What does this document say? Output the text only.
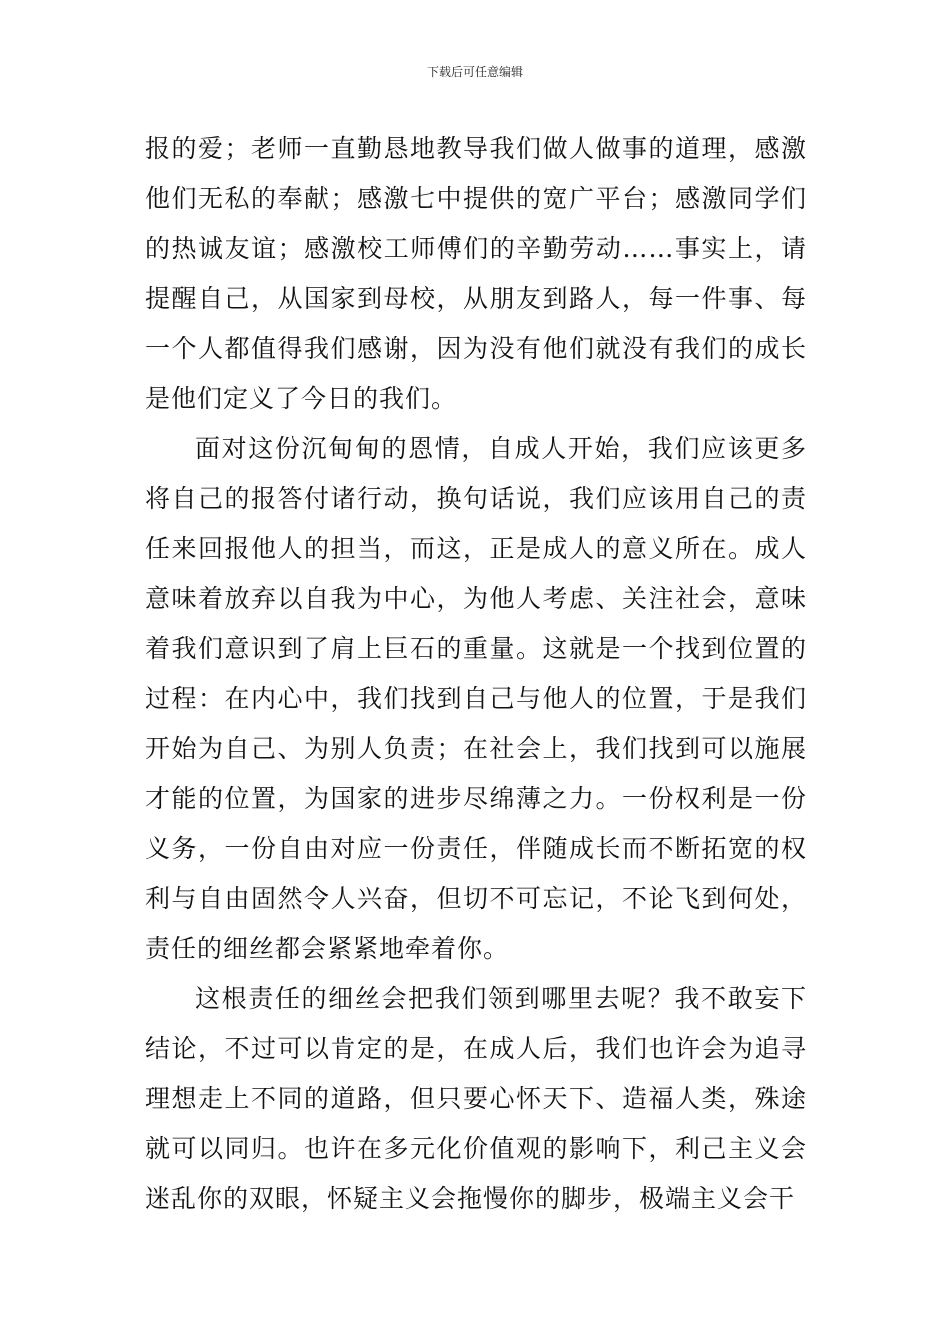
下载后可任意编辑

报的爱；老师一直勤恳地教导我们做人做事的道理，感激他们无私的奉献；感激七中提供的宽广平台；感激同学们的热诚友谊；感激校工师傅们的辛勤劳动……事实上，请提醒自己，从国家到母校，从朋友到路人，每一件事、每一个人都值得我们感谢，因为没有他们就没有我们的成长是他们定义了今日的我们。

面对这份沉甸甸的恩情，自成人开始，我们应该更多将自己的报答付诸行动，换句话说，我们应该用自己的责任来回报他人的担当，而这，正是成人的意义所在。成人意味着放弃以自我为中心，为他人考虑、关注社会，意味着我们意识到了肩上巨石的重量。这就是一个找到位置的过程：在内心中，我们找到自己与他人的位置，于是我们开始为自己、为别人负责；在社会上，我们找到可以施展才能的位置，为国家的进步尽绵薄之力。一份权利是一份义务，一份自由对应一份责任，伴随成长而不断拓宽的权利与自由固然令人兴奋，但切不可忘记，不论飞到何处，责任的细丝都会紧紧地牵着你。

这根责任的细丝会把我们领到哪里去呢？我不敢妄下结论，不过可以肯定的是，在成人后，我们也许会为追寻理想走上不同的道路，但只要心怀天下、造福人类，殊途就可以同归。也许在多元化价值观的影响下，利己主义会迷乱你的双眼，怀疑主义会拖慢你的脚步，极端主义会干
